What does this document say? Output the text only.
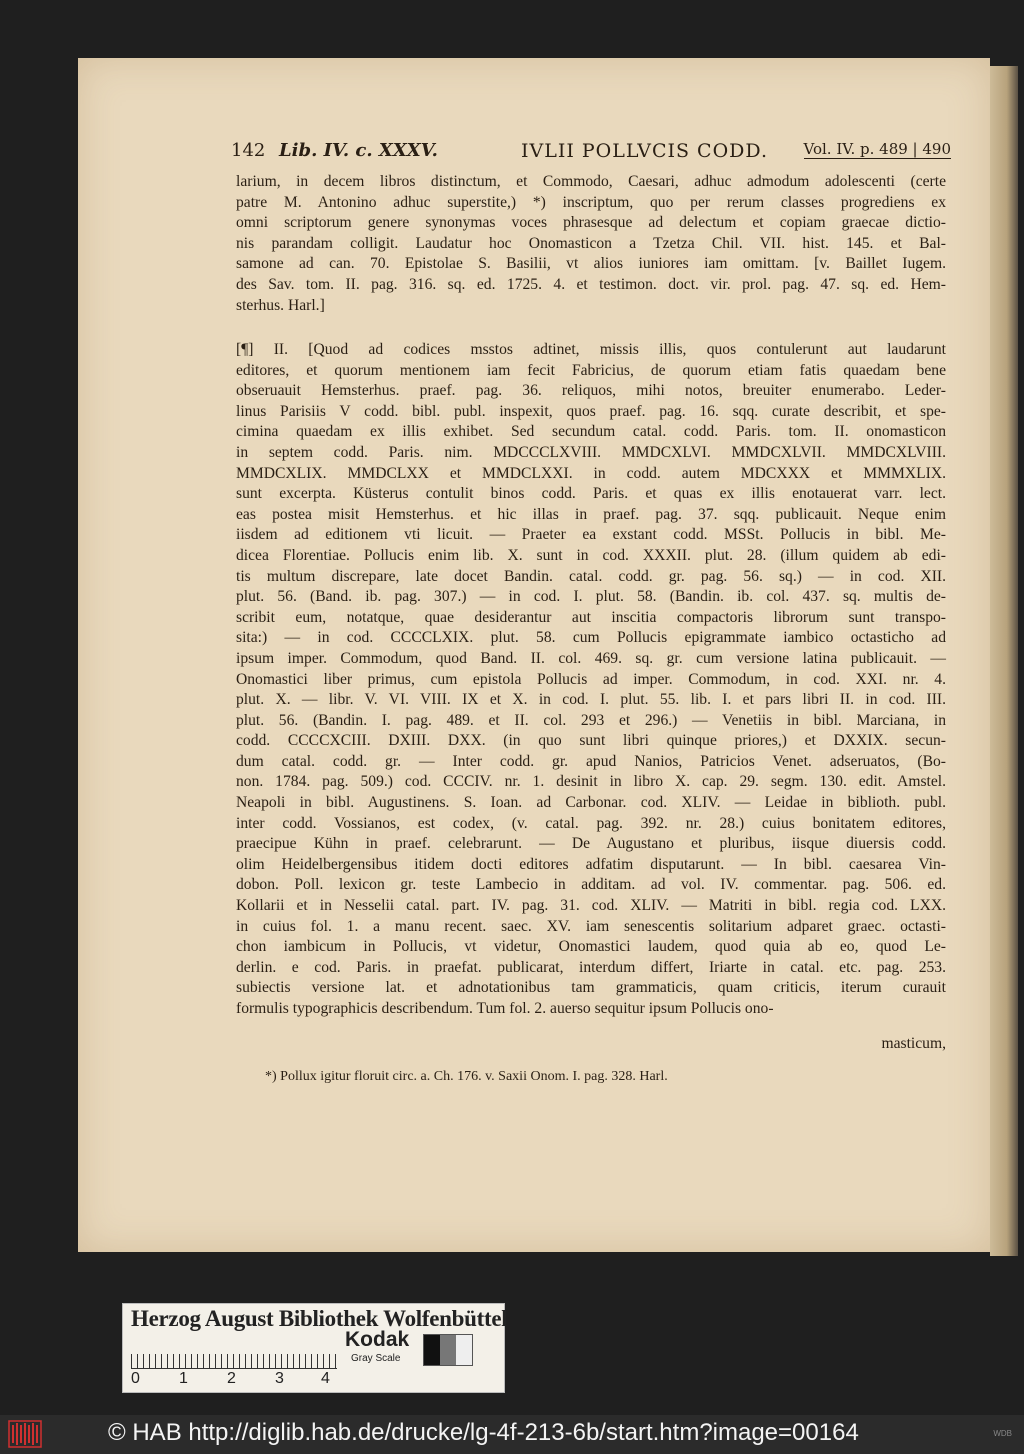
142 Lib. IV. c. XXXV.	IVLII POLLVCIS CODD. Vol. IV. p. 489 | 490
larium, in decem libros distinctum, et Commodo, Caesari, adhuc admodum adolescenti (certe
patre M. Antonino adhuc superstite,) *) inscriptum, quo per rerum classes progrediens ex
omni scriptorum genere synonymas voces phrasesque ad delectum et copiam graecae dictio-
nis parandam colligit. Laudatur hoc Onomasticon a Tzetza Chil. VII. hist. 145. et Bal-
samone ad can. 70. Epistolae S. Basilii, vt alios iuniores iam omittam. [v. Baillet Iugem.
des Sav. tom. II. pag. 316. sq. ed. 1725. 4. et testimon. doct. vir. prol. pag. 47. sq. ed. Hem-
sterhus. Harl.]
[¶] II. [Quod ad codices msstos adtinet, missis illis, quos contulerunt aut laudarunt
editores, et quorum mentionem iam fecit Fabricius, de quorum etiam fatis quaedam bene
obseruauit Hemsterhus. praef. pag. 36. reliquos, mihi notos, breuiter enumerabo. Leder-
linus Parisiis V codd. bibl. publ. inspexit, quos praef. pag. 16. sqq. curate describit, et spe-
cimina quaedam ex illis exhibet. Sed secundum catal. codd. Paris. tom. II. onomasticon
in septem codd. Paris. nim. MDCCCLXVIII. MMDCXLVI. MMDCXLVII. MMDCXLVIII.
MMDCXLIX. MMDCLXX et MMDCLXXI. in codd. autem MDCXXX et MMMXLIX.
sunt excerpta. Küsterus contulit binos codd. Paris. et quas ex illis enotauerat varr. lect.
eas postea misit Hemsterhus. et hic illas in praef. pag. 37. sqq. publicauit. Neque enim
iisdem ad editionem vti licuit. — Praeter ea exstant codd. MSSt. Pollucis in bibl. Me-
dicea Florentiae. Pollucis enim lib. X. sunt in cod. XXXII. plut. 28. (illum quidem ab edi-
tis multum discrepare, late docet Bandin. catal. codd. gr. pag. 56. sq.) — in cod. XII.
plut. 56. (Band. ib. pag. 307.) — in cod. I. plut. 58. (Bandin. ib. col. 437. sq. multis de-
scribit eum, notatque, quae desiderantur aut inscitia compactoris librorum sunt transpo-
sita:) — in cod. CCCCLXIX. plut. 58. cum Pollucis epigrammate iambico octasticho ad
ipsum imper. Commodum, quod Band. II. col. 469. sq. gr. cum versione latina publicauit. —
Onomastici liber primus, cum epistola Pollucis ad imper. Commodum, in cod. XXI. nr. 4.
plut. X. — libr. V. VI. VIII. IX et X. in cod. I. plut. 55. lib. I. et pars libri II. in cod. III.
plut. 56. (Bandin. I. pag. 489. et II. col. 293 et 296.) — Venetiis in bibl. Marciana, in
codd. CCCCXCIII. DXIII. DXX. (in quo sunt libri quinque priores,) et DXXIX. secun-
dum catal. codd. gr. — Inter codd. gr. apud Nanios, Patricios Venet. adseruatos, (Bo-
non. 1784. pag. 509.) cod. CCCIV. nr. 1. desinit in libro X. cap. 29. segm. 130. edit. Amstel.
Neapoli in bibl. Augustinens. S. Ioan. ad Carbonar. cod. XLIV. — Leidae in biblioth. publ.
inter codd. Vossianos, est codex, (v. catal. pag. 392. nr. 28.) cuius bonitatem editores,
praecipue Kühn in praef. celebrarunt. — De Augustano et pluribus, iisque diuersis codd.
olim Heidelbergensibus itidem docti editores adfatim disputarunt. — In bibl. caesarea Vin-
dobon. Poll. lexicon gr. teste Lambecio in additam. ad vol. IV. commentar. pag. 506. ed.
Kollarii et in Nesselii catal. part. IV. pag. 31. cod. XLIV. — Matriti in bibl. regia cod. LXX.
in cuius fol. 1. a manu recent. saec. XV. iam senescentis solitarium adparet graec. octasti-
chon iambicum in Pollucis, vt videtur, Onomastici laudem, quod quia ab eo, quod Le-
derlin. e cod. Paris. in praefat. publicarat, interdum differt, Iriarte in catal. etc. pag. 253.
subiectis versione lat. et adnotationibus tam grammaticis, quam criticis, iterum curauit
formulis typographicis describendum. Tum fol. 2. auerso sequitur ipsum Pollucis ono-
masticum,
*) Pollux igitur floruit circ. a. Ch. 176. v. Saxii Onom. I. pag. 328. Harl.
Herzog August Bibliothek Wolfenbüttel
0 1 2 3 4
Kodak
Gray Scale
© HAB http://diglib.hab.de/drucke/lg-4f-213-6b/start.htm?image=00164	WDB
